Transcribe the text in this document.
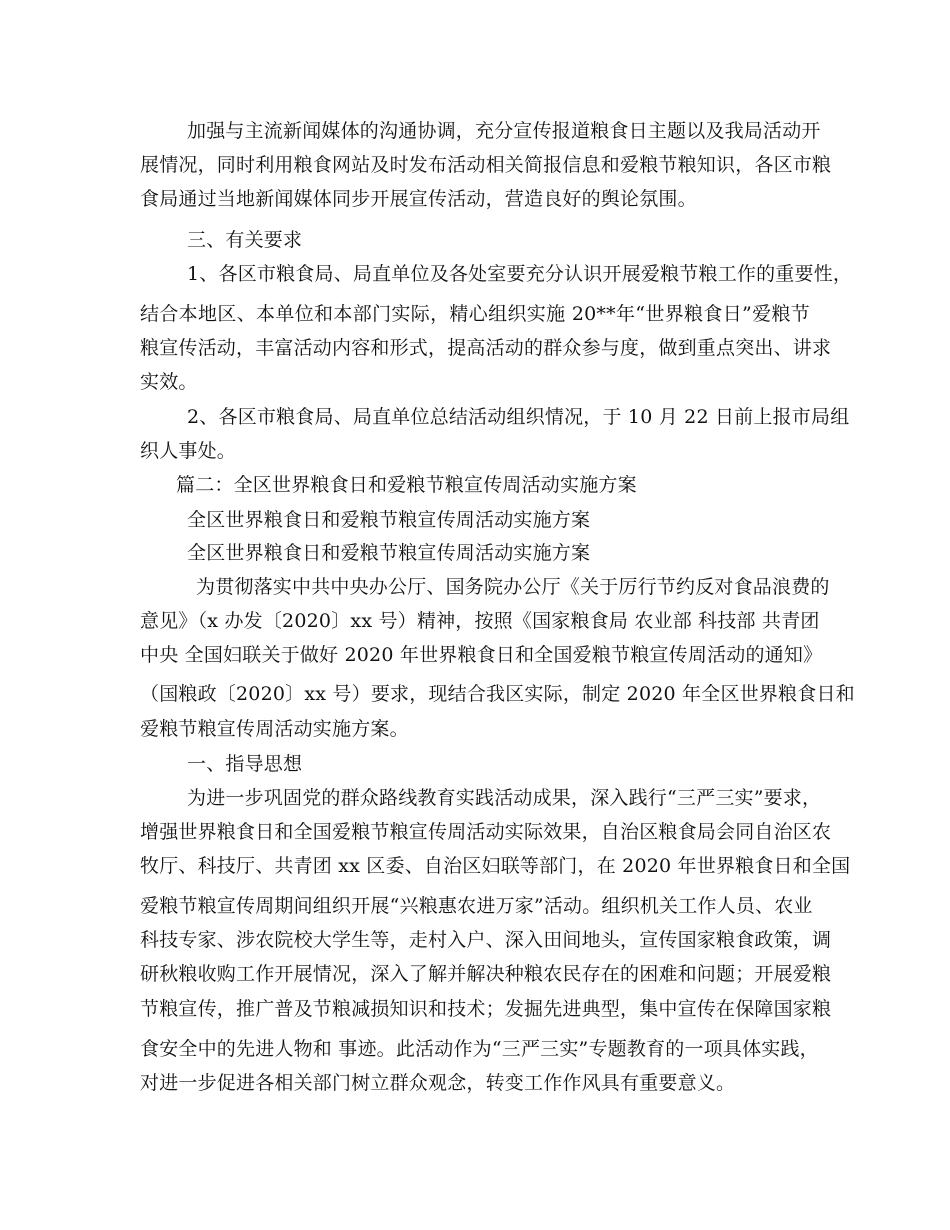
加强与主流新闻媒体的沟通协调，充分宣传报道粮食日主题以及我局活动开
展情况，同时利用粮食网站及时发布活动相关简报信息和爱粮节粮知识，各区市粮
食局通过当地新闻媒体同步开展宣传活动，营造良好的舆论氛围。
三、有关要求
1、各区市粮食局、局直单位及各处室要充分认识开展爱粮节粮工作的重要性，
结合本地区、本单位和本部门实际，精心组织实施 20**年“世界粮食日”爱粮节
粮宣传活动，丰富活动内容和形式，提高活动的群众参与度，做到重点突出、讲求
实效。
2、各区市粮食局、局直单位总结活动组织情况，于 10 月 22 日前上报市局组
织人事处。
篇二：全区世界粮食日和爱粮节粮宣传周活动实施方案
全区世界粮食日和爱粮节粮宣传周活动实施方案
全区世界粮食日和爱粮节粮宣传周活动实施方案
为贯彻落实中共中央办公厅、国务院办公厅《关于厉行节约反对食品浪费的
意见》（x 办发〔2020〕xx 号）精神，按照《国家粮食局 农业部 科技部 共青团
中央 全国妇联关于做好 2020 年世界粮食日和全国爱粮节粮宣传周活动的通知》
（国粮政〔2020〕xx 号）要求，现结合我区实际，制定 2020 年全区世界粮食日和
爱粮节粮宣传周活动实施方案。
一、指导思想
为进一步巩固党的群众路线教育实践活动成果，深入践行“三严三实”要求，
增强世界粮食日和全国爱粮节粮宣传周活动实际效果，自治区粮食局会同自治区农
牧厅、科技厅、共青团 xx 区委、自治区妇联等部门，在 2020 年世界粮食日和全国
爱粮节粮宣传周期间组织开展“兴粮惠农进万家”活动。组织机关工作人员、农业
科技专家、涉农院校大学生等，走村入户、深入田间地头，宣传国家粮食政策，调
研秋粮收购工作开展情况，深入了解并解决种粮农民存在的困难和问题；开展爱粮
节粮宣传，推广普及节粮减损知识和技术；发掘先进典型，集中宣传在保障国家粮
食安全中的先进人物和 事迹。此活动作为“三严三实”专题教育的一项具体实践，
对进一步促进各相关部门树立群众观念，转变工作作风具有重要意义。
